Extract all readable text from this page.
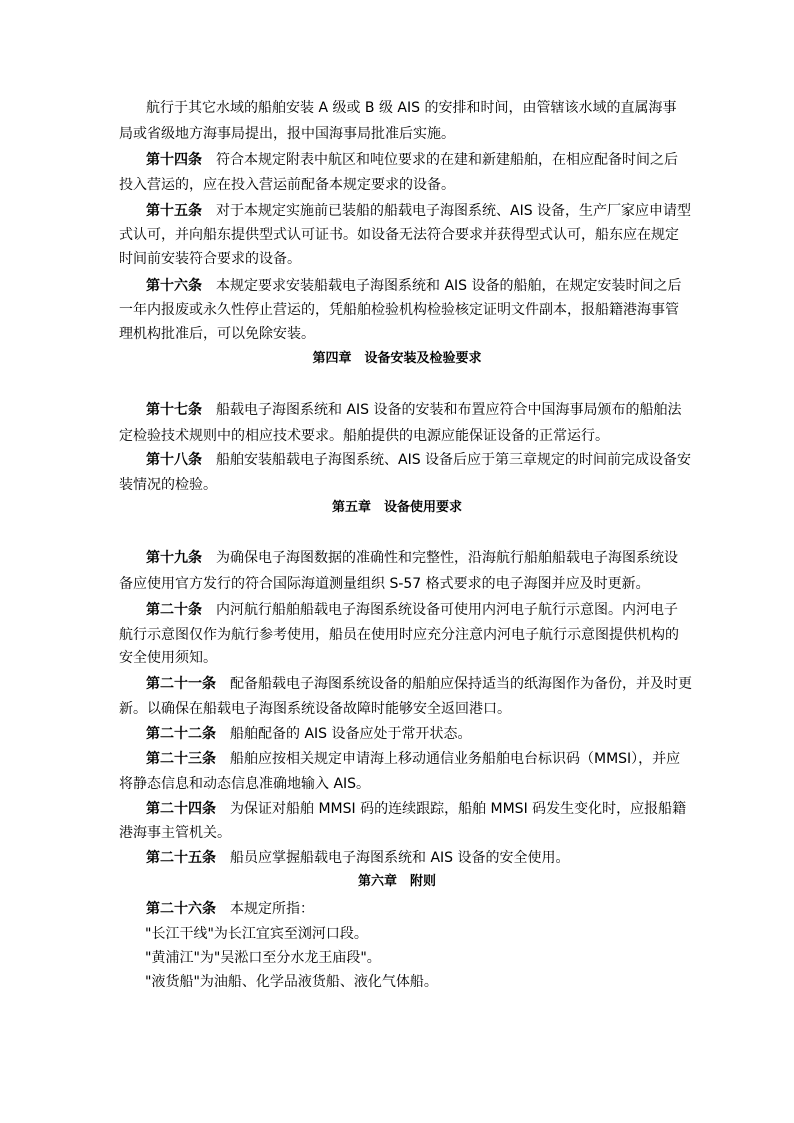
航行于其它水域的船舶安装 A 级或 B 级 AIS 的安排和时间，由管辖该水域的直属海事
局或省级地方海事局提出，报中国海事局批准后实施。
第十四条 符合本规定附表中航区和吨位要求的在建和新建船舶，在相应配备时间之后
投入营运的，应在投入营运前配备本规定要求的设备。
第十五条 对于本规定实施前已装船的船载电子海图系统、AIS 设备，生产厂家应申请型
式认可，并向船东提供型式认可证书。如设备无法符合要求并获得型式认可，船东应在规定
时间前安装符合要求的设备。
第十六条 本规定要求安装船载电子海图系统和 AIS 设备的船舶，在规定安装时间之后
一年内报废或永久性停止营运的，凭船舶检验机构检验核定证明文件副本，报船籍港海事管
理机构批准后，可以免除安装。
第四章　设备安装及检验要求
第十七条 船载电子海图系统和 AIS 设备的安装和布置应符合中国海事局颁布的船舶法
定检验技术规则中的相应技术要求。船舶提供的电源应能保证设备的正常运行。
第十八条 船舶安装船载电子海图系统、AIS 设备后应于第三章规定的时间前完成设备安
装情况的检验。
第五章　设备使用要求
第十九条 为确保电子海图数据的准确性和完整性，沿海航行船舶船载电子海图系统设
备应使用官方发行的符合国际海道测量组织 S-57 格式要求的电子海图并应及时更新。
第二十条 内河航行船舶船载电子海图系统设备可使用内河电子航行示意图。内河电子
航行示意图仅作为航行参考使用，船员在使用时应充分注意内河电子航行示意图提供机构的
安全使用须知。
第二十一条 配备船载电子海图系统设备的船舶应保持适当的纸海图作为备份，并及时更
新。以确保在船载电子海图系统设备故障时能够安全返回港口。
第二十二条 船舶配备的 AIS 设备应处于常开状态。
第二十三条 船舶应按相关规定申请海上移动通信业务船舶电台标识码（MMSI），并应
将静态信息和动态信息准确地输入 AIS。
第二十四条 为保证对船舶 MMSI 码的连续跟踪，船舶 MMSI 码发生变化时，应报船籍
港海事主管机关。
第二十五条 船员应掌握船载电子海图系统和 AIS 设备的安全使用。
第六章　附则
第二十六条 本规定所指：
"长江干线"为长江宜宾至浏河口段。
"黄浦江"为"吴淞口至分水龙王庙段"。
"液货船"为油船、化学品液货船、液化气体船。
